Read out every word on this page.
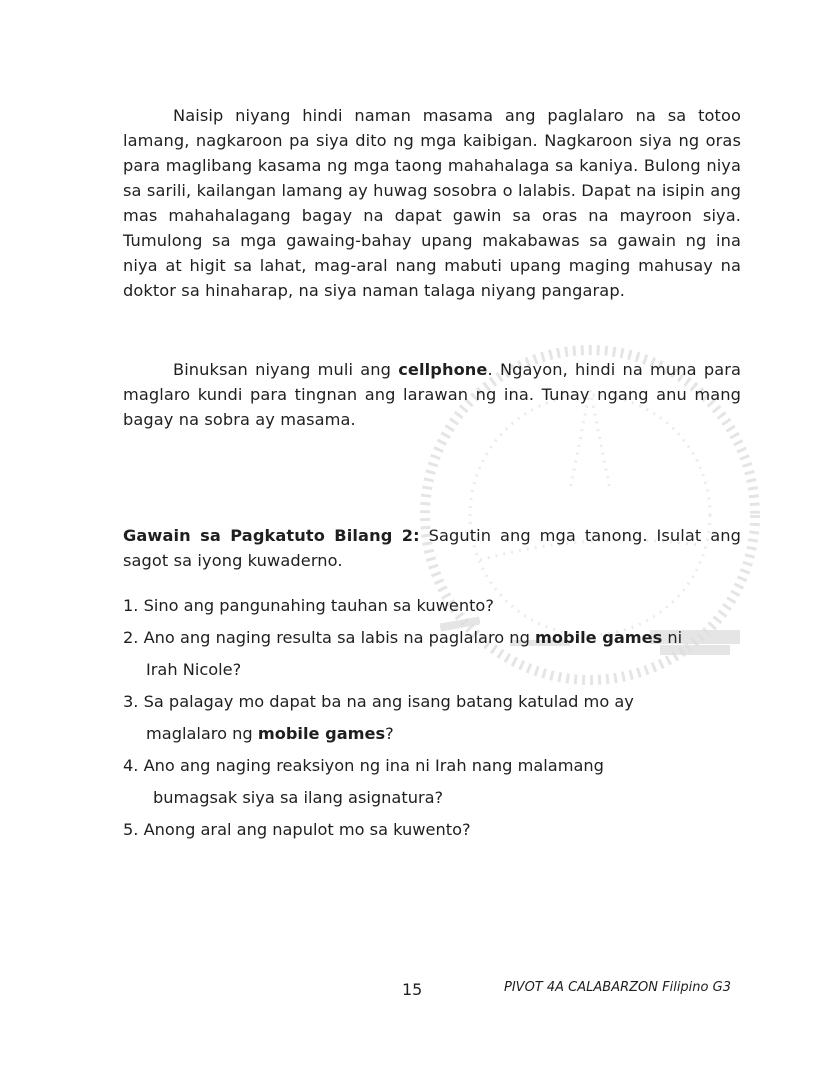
Naisip niyang hindi naman masama ang paglalaro na sa totoo lamang, nagkaroon pa siya dito ng mga kaibigan. Nagkaroon siya ng oras para maglibang kasama ng mga taong mahahalaga sa kaniya. Bulong niya sa sarili, kailangan lamang ay huwag sosobra o lalabis. Dapat na isipin ang mas mahahalagang bagay na dapat gawin sa oras na mayroon siya. Tumulong sa mga gawaing-bahay upang makabawas sa gawain ng ina niya at higit sa lahat, mag-aral nang mabuti upang maging mahusay na doktor sa hinaharap, na siya naman talaga niyang pangarap.
Binuksan niyang muli ang cellphone. Ngayon, hindi na muna para maglaro kundi para tingnan ang larawan ng ina. Tunay ngang anu mang bagay na sobra ay masama.
Gawain sa Pagkatuto Bilang 2: Sagutin ang mga tanong. Isulat ang sagot sa iyong kuwaderno.
1. Sino ang pangunahing tauhan sa kuwento?
2. Ano ang naging resulta sa labis na paglalaro ng mobile games ni
Irah Nicole?
3. Sa palagay mo dapat ba na ang isang batang katulad mo ay
maglalaro ng mobile games?
4. Ano ang naging reaksiyon ng ina ni Irah nang malamang
bumagsak siya sa ilang asignatura?
5. Anong aral ang napulot mo sa kuwento?
15	PIVOT 4A CALABARZON Filipino G3
